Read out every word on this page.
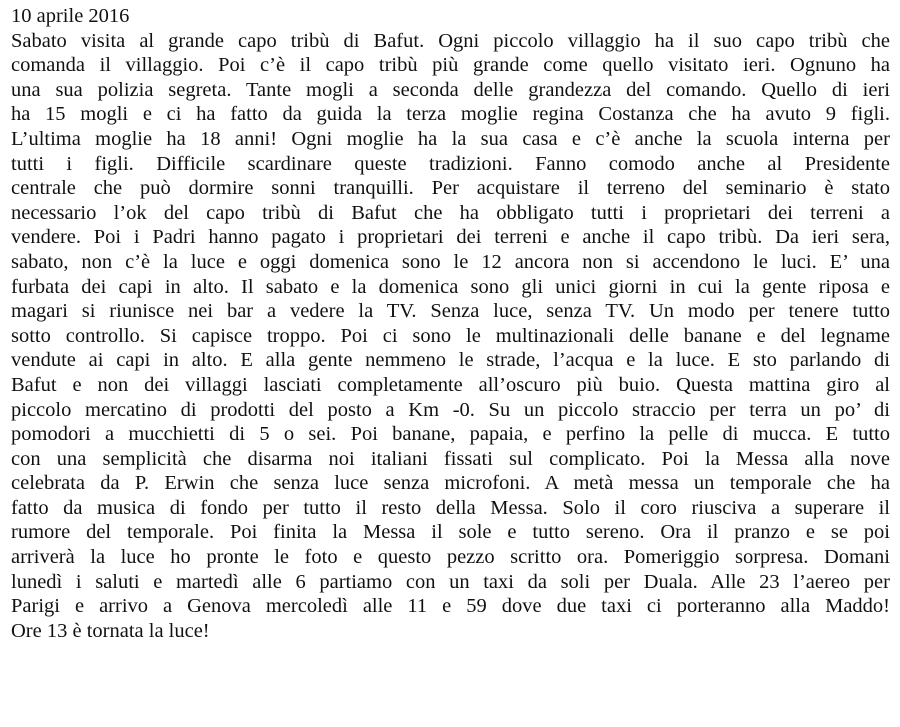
10 aprile 2016
Sabato visita al grande capo tribù di Bafut. Ogni piccolo villaggio ha il suo capo tribù che
comanda il villaggio. Poi c’è il capo tribù più grande come quello visitato ieri. Ognuno ha
una sua polizia segreta. Tante mogli a seconda delle grandezza del comando. Quello di ieri
ha 15 mogli e ci ha fatto da guida la terza moglie regina Costanza che ha avuto 9 figli.
L’ultima moglie ha 18 anni! Ogni moglie ha la sua casa e c’è anche la scuola interna per
tutti i figli. Difficile scardinare queste tradizioni. Fanno comodo anche al Presidente
centrale che può dormire sonni tranquilli. Per acquistare il terreno del seminario è stato
necessario l’ok del capo tribù di Bafut che ha obbligato tutti i proprietari dei terreni a
vendere. Poi i Padri hanno pagato i proprietari dei terreni e anche il capo tribù. Da ieri sera,
sabato, non c’è la luce e oggi domenica sono le 12 ancora non si accendono le luci. E’ una
furbata dei capi in alto. Il sabato e la domenica sono gli unici giorni in cui la gente riposa e
magari si riunisce nei bar a vedere la TV. Senza luce, senza TV. Un modo per tenere tutto
sotto controllo. Si capisce troppo. Poi ci sono le multinazionali delle banane e del legname
vendute ai capi in alto. E alla gente nemmeno le strade, l’acqua e la luce. E sto parlando di
Bafut e non dei villaggi lasciati completamente all’oscuro più buio. Questa mattina giro al
piccolo mercatino di prodotti del posto a Km -0. Su un piccolo straccio per terra un po’ di
pomodori a mucchietti di 5 o sei. Poi banane, papaia, e perfino la pelle di mucca. E tutto
con una semplicità che disarma noi italiani fissati sul complicato. Poi la Messa alla nove
celebrata da P. Erwin che senza luce senza microfoni. A metà messa un temporale che ha
fatto da musica di fondo per tutto il resto della Messa. Solo il coro riusciva a superare il
rumore del temporale. Poi finita la Messa il sole e tutto sereno. Ora il pranzo e se poi
arriverà la luce ho pronte le foto e questo pezzo scritto ora. Pomeriggio sorpresa. Domani
lunedì i saluti e martedì alle 6 partiamo con un taxi da soli per Duala. Alle 23 l’aereo per
Parigi e arrivo a Genova mercoledì alle 11 e 59 dove due taxi ci porteranno alla Maddo!
Ore 13 è tornata la luce!
